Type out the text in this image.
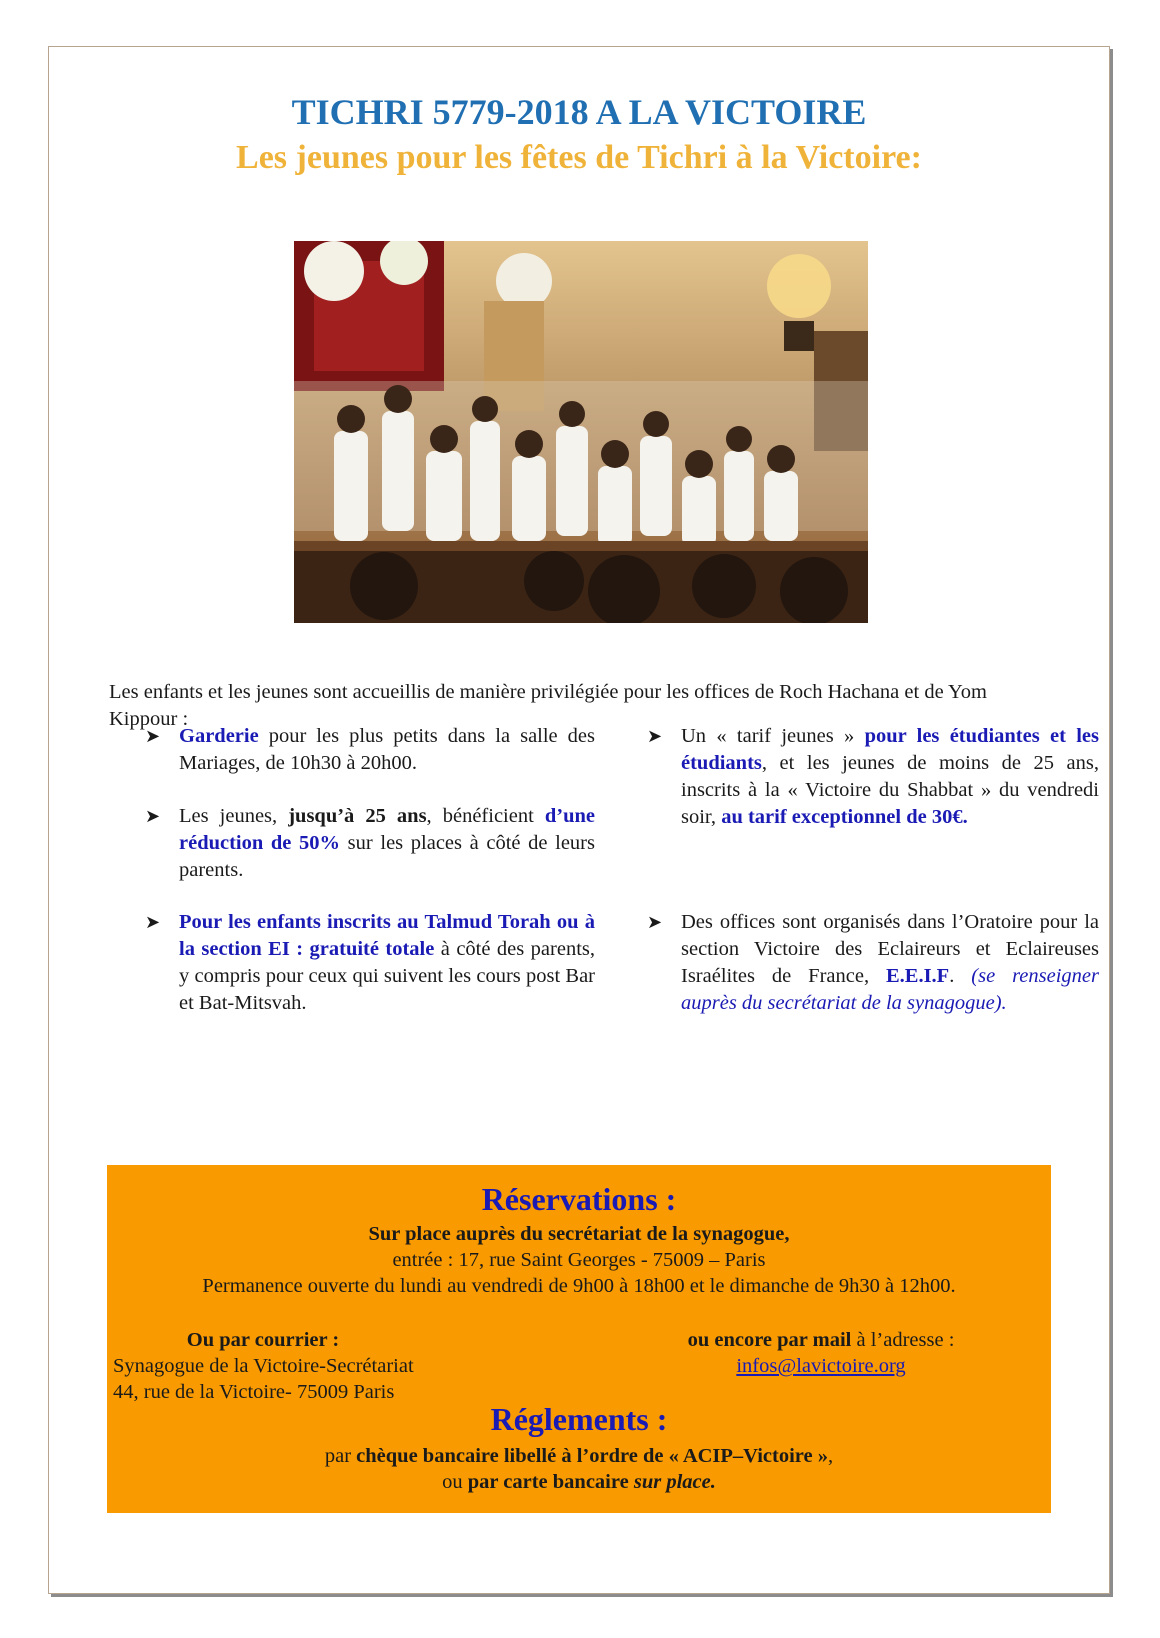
TICHRI 5779-2018 A LA VICTOIRE
Les jeunes pour les fêtes de Tichri à la Victoire:
Les enfants et les jeunes sont accueillis de manière privilégiée pour les offices de Roch Hachana et de Yom Kippour :

➤ Garderie pour les plus petits dans la salle des Mariages, de 10h30 à 20h00.

➤ Les jeunes, jusqu’à 25 ans, bénéficient d’une réduction de 50% sur les places à côté de leurs parents.

➤ Pour les enfants inscrits au Talmud Torah ou à la section EI : gratuité totale à côté des parents, y compris pour ceux qui suivent les cours post Bar et Bat-Mitsvah.

➤ Un « tarif jeunes » pour les étudiantes et les étudiants, et les jeunes de moins de 25 ans, inscrits à la « Victoire du Shabbat » du vendredi soir, au tarif exceptionnel de 30€.

➤ Des offices sont organisés dans l’Oratoire pour la section Victoire des Eclaireurs et Eclaireuses Israélites de France, E.E.I.F. (se renseigner auprès du secrétariat de la synagogue).

Réservations :
Sur place auprès du secrétariat de la synagogue,
entrée : 17, rue Saint Georges - 75009 – Paris
Permanence ouverte du lundi au vendredi de 9h00 à 18h00 et le dimanche de 9h30 à 12h00.
Ou par courrier :
Synagogue de la Victoire-Secrétariat
44, rue de la Victoire- 75009 Paris
ou encore par mail à l’adresse :
infos@lavictoire.org
Réglements :
par chèque bancaire libellé à l’ordre de « ACIP–Victoire »,
ou par carte bancaire sur place.
